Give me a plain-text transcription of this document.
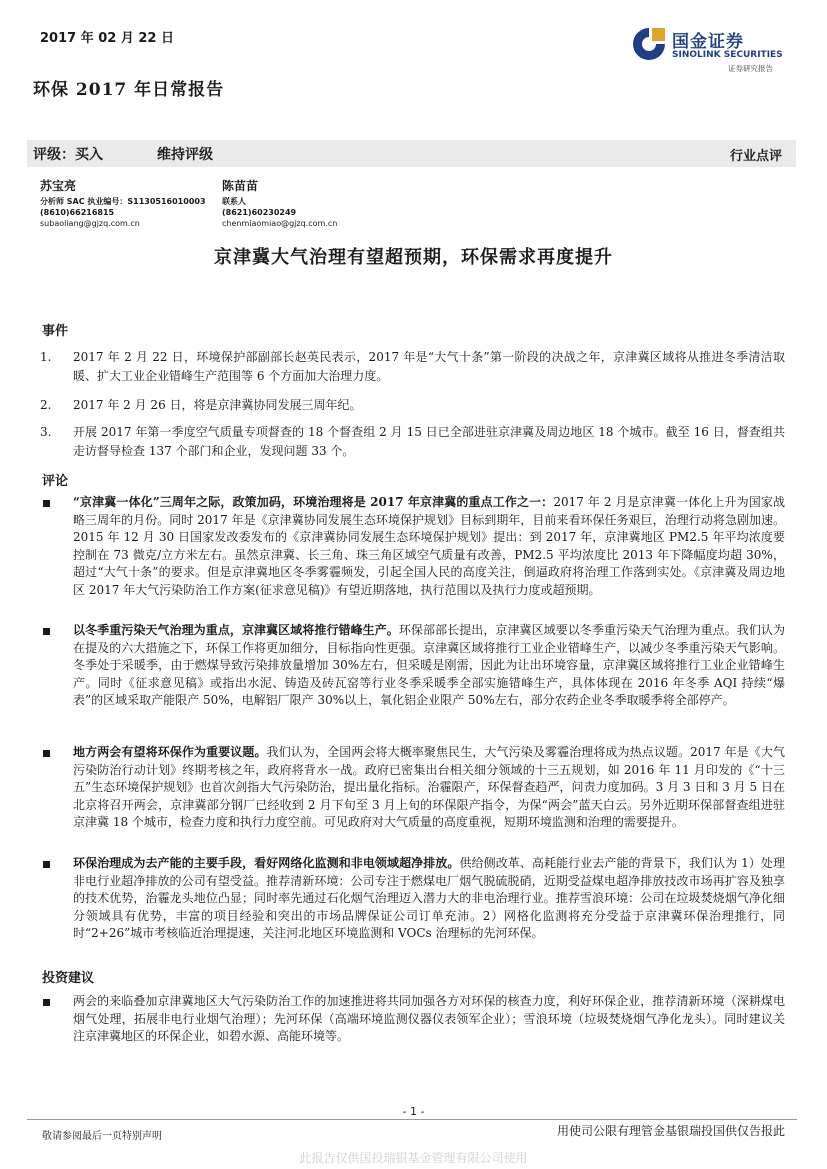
2017 年 02 月 22 日
环保 2017 年日常报告
国金证券
SINOLINK SECURITIES
证券研究报告
评级：买入	维持评级	行业点评
苏宝亮
分析师 SAC 执业编号：S1130516010003
(8610)66216815
subaoliang@gjzq.com.cn
陈苗苗
联系人
(8621)60230249
chenmiaomiao@gjzq.com.cn
京津冀大气治理有望超预期，环保需求再度提升
事件
1. 2017 年 2 月 22 日，环境保护部副部长赵英民表示，2017 年是“大气十条”第一阶段的决战之年，京津冀区域将从推进冬季清洁取暖、扩大工业企业错峰生产范围等 6 个方面加大治理力度。
2. 2017 年 2 月 26 日，将是京津冀协同发展三周年纪。
3. 开展 2017 年第一季度空气质量专项督查的 18 个督查组 2 月 15 日已全部进驻京津冀及周边地区 18 个城市。截至 16 日，督查组共走访督导检查 137 个部门和企业，发现问题 33 个。
评论
“京津冀一体化”三周年之际，政策加码，环境治理将是 2017 年京津冀的重点工作之一：2017 年 2 月是京津冀一体化上升为国家战略三周年的月份。同时 2017 年是《京津冀协同发展生态环境保护规划》目标到期年，目前来看环保任务艰巨，治理行动将急剧加速。2015 年 12 月 30 日国家发改委发布的《京津冀协同发展生态环境保护规划》提出：到 2017 年，京津冀地区 PM2.5 年平均浓度要控制在 73 微克/立方米左右。虽然京津冀、长三角、珠三角区域空气质量有改善，PM2.5 平均浓度比 2013 年下降幅度均超 30%，超过“大气十条”的要求。但是京津冀地区冬季雾霾频发，引起全国人民的高度关注，倒逼政府将治理工作落到实处。《京津冀及周边地区 2017 年大气污染防治工作方案(征求意见稿)》有望近期落地，执行范围以及执行力度或超预期。
以冬季重污染天气治理为重点，京津冀区域将推行错峰生产。环保部部长提出，京津冀区域要以冬季重污染天气治理为重点。我们认为在提及的六大措施之下，环保工作将更加细分，目标指向性更强。京津冀区域将推行工业企业错峰生产，以减少冬季重污染天气影响。冬季处于采暖季，由于燃煤导致污染排放量增加 30%左右，但采暖是刚需，因此为让出环境容量，京津冀区域将推行工业企业错峰生产。同时《征求意见稿》或指出水泥、铸造及砖瓦窑等行业冬季采暖季全部实施错峰生产，具体体现在 2016 年冬季 AQI 持续“爆表”的区域采取产能限产 50%，电解铝厂限产 30%以上，氧化铝企业限产 50%左右，部分农药企业冬季取暖季将全部停产。
地方两会有望将环保作为重要议题。我们认为，全国两会将大概率聚焦民生，大气污染及雾霾治理将成为热点议题。2017 年是《大气污染防治行动计划》终期考核之年，政府将背水一战。政府已密集出台相关细分领域的十三五规划，如 2016 年 11 月印发的《“十三五”生态环境保护规划》也首次剑指大气污染防治，提出量化指标。治霾限产，环保督查趋严，问责力度加码。3 月 3 日和 3 月 5 日在北京将召开两会，京津冀部分钢厂已经收到 2 月下旬至 3 月上旬的环保限产指令，为保“两会”蓝天白云。另外近期环保部督查组进驻京津冀 18 个城市，检查力度和执行力度空前。可见政府对大气质量的高度重视，短期环境监测和治理的需要提升。
环保治理成为去产能的主要手段，看好网络化监测和非电领域超净排放。供给侧改革、高耗能行业去产能的背景下，我们认为 1）处理非电行业超净排放的公司有望受益。推荐清新环境：公司专注于燃煤电厂烟气脱硫脱硝，近期受益煤电超净排放技改市场再扩容及独享的技术优势，治霾龙头地位凸显；同时率先通过石化烟气治理迈入潜力大的非电治理行业。推荐雪浪环境：公司在垃圾焚烧烟气净化细分领域具有优势，丰富的项目经验和突出的市场品牌保证公司订单充沛。2）网格化监测将充分受益于京津冀环保治理推行，同时“2+26”城市考核临近治理提速，关注河北地区环境监测和 VOCs 治理标的先河环保。
投资建议
两会的来临叠加京津冀地区大气污染防治工作的加速推进将共同加强各方对环保的核查力度，利好环保企业，推荐清新环境（深耕煤电烟气处理，拓展非电行业烟气治理）；先河环保（高端环境监测仪器仪表领军企业）；雪浪环境（垃圾焚烧烟气净化龙头）。同时建议关注京津冀地区的环保企业，如碧水源、高能环境等。
- 1 -
敬请参阅最后一页特别声明	用使司公限有理管金基银瑞投国供仅告报此
此报告仅供国投瑞银基金管理有限公司使用
